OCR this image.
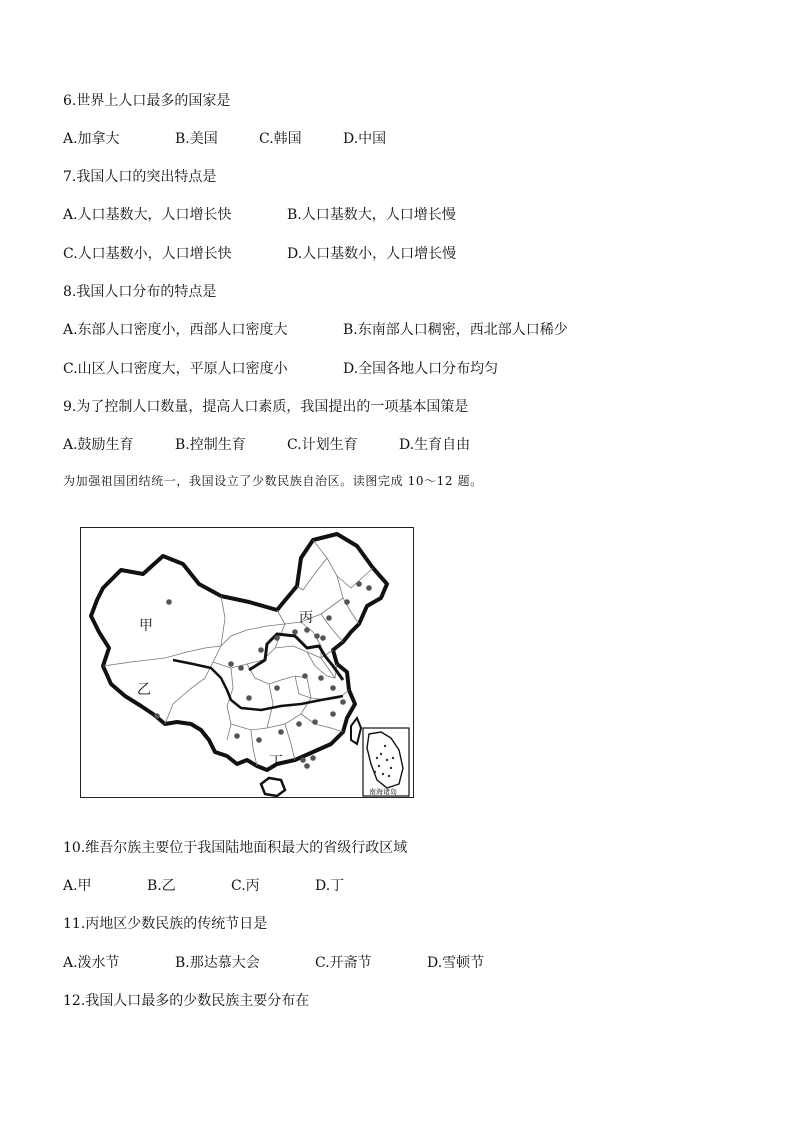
6.世界上人口最多的国家是
A.加拿大	B.美国	C.韩国	D.中国
7.我国人口的突出特点是
A.人口基数大，人口增长快	B.人口基数大，人口增长慢
C.人口基数小，人口增长快	D.人口基数小，人口增长慢
8.我国人口分布的特点是
A.东部人口密度小，西部人口密度大	B.东南部人口稠密，西北部人口稀少
C.山区人口密度大，平原人口密度小	D.全国各地人口分布均匀
9.为了控制人口数量，提高人口素质，我国提出的一项基本国策是
A.鼓励生育	B.控制生育	C.计划生育	D.生育自由
为加强祖国团结统一，我国设立了少数民族自治区。读图完成 10～12 题。
甲
乙
丙
丁
南海诸岛
10.维吾尔族主要位于我国陆地面积最大的省级行政区域
A.甲	B.乙	C.丙	D.丁
11.丙地区少数民族的传统节日是
A.泼水节	B.那达慕大会	C.开斋节	D.雪顿节
12.我国人口最多的少数民族主要分布在
